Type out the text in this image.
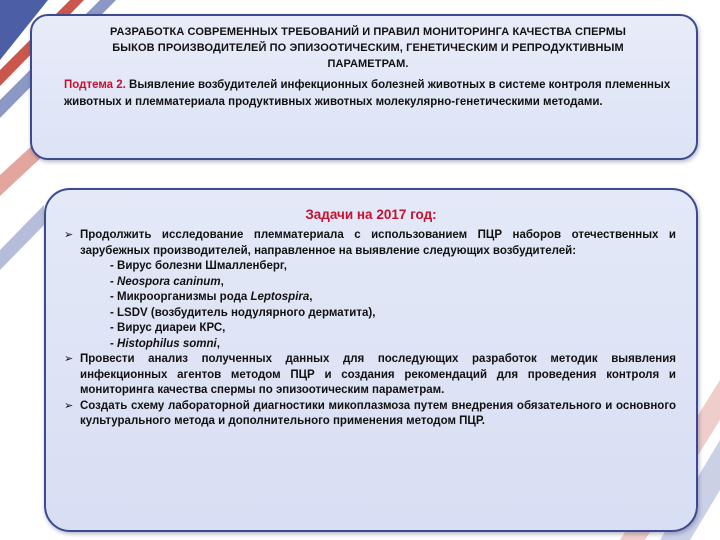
РАЗРАБОТКА СОВРЕМЕННЫХ ТРЕБОВАНИЙ И ПРАВИЛ МОНИТОРИНГА КАЧЕСТВА СПЕРМЫ
БЫКОВ ПРОИЗВОДИТЕЛЕЙ ПО ЭПИЗООТИЧЕСКИМ, ГЕНЕТИЧЕСКИМ И РЕПРОДУКТИВНЫМ
ПАРАМЕТРАМ.
Подтема 2. Выявление возбудителей инфекционных болезней животных в системе контроля племенных животных и племматериала продуктивных животных молекулярно-генетическими методами.
Задачи на 2017 год:
➢ Продолжить исследование племматериала с использованием ПЦР наборов отечественных и зарубежных производителей, направленное на выявление следующих возбудителей:
- Вирус болезни Шмалленберг,
- Neospora caninum,
- Микроорганизмы рода Leptospira,
- LSDV (возбудитель нодулярного дерматита),
- Вирус диареи КРС,
- Histophilus somni,
➢ Провести анализ полученных данных для последующих разработок методик выявления инфекционных агентов методом ПЦР и создания рекомендаций для проведения контроля и мониторинга качества спермы по эпизоотическим параметрам.
➢ Создать схему лабораторной диагностики микоплазмоза путем внедрения обязательного и основного культурального метода и дополнительного применения методом ПЦР.
